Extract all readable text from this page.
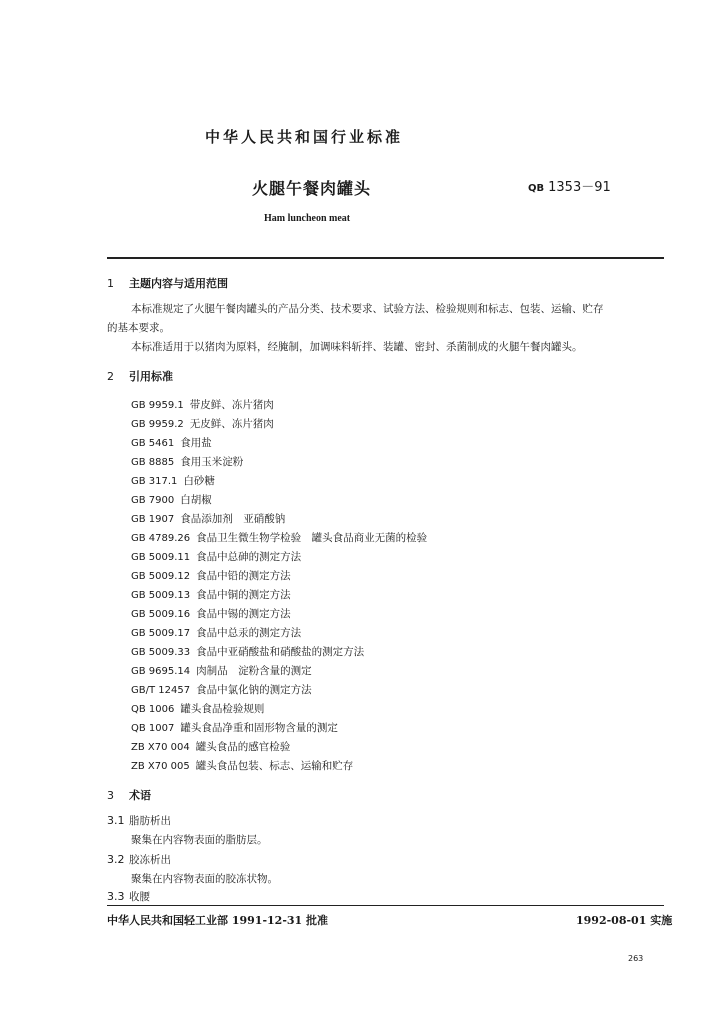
中华人民共和国行业标准
火腿午餐肉罐头	QB 1353－91
Ham luncheon meat
1 主题内容与适用范围
本标准规定了火腿午餐肉罐头的产品分类、技术要求、试验方法、检验规则和标志、包装、运输、贮存
的基本要求。
本标准适用于以猪肉为原料，经腌制，加调味料斩拌、装罐、密封、杀菌制成的火腿午餐肉罐头。
2 引用标准
GB 9959.1 带皮鲜、冻片猪肉
GB 9959.2 无皮鲜、冻片猪肉
GB 5461 食用盐
GB 8885 食用玉米淀粉
GB 317.1 白砂糖
GB 7900 白胡椒
GB 1907 食品添加剂　亚硝酸钠
GB 4789.26 食品卫生微生物学检验　罐头食品商业无菌的检验
GB 5009.11 食品中总砷的测定方法
GB 5009.12 食品中铅的测定方法
GB 5009.13 食品中铜的测定方法
GB 5009.16 食品中锡的测定方法
GB 5009.17 食品中总汞的测定方法
GB 5009.33 食品中亚硝酸盐和硝酸盐的测定方法
GB 9695.14 肉制品　淀粉含量的测定
GB/T 12457 食品中氯化钠的测定方法
QB 1006 罐头食品检验规则
QB 1007 罐头食品净重和固形物含量的测定
ZB X70 004 罐头食品的感官检验
ZB X70 005 罐头食品包装、标志、运输和贮存
3 术语
3.1 脂肪析出
聚集在内容物表面的脂肪层。
3.2 胶冻析出
聚集在内容物表面的胶冻状物。
3.3 收腰
中华人民共和国轻工业部 1991-12-31 批准	1992-08-01 实施
263
